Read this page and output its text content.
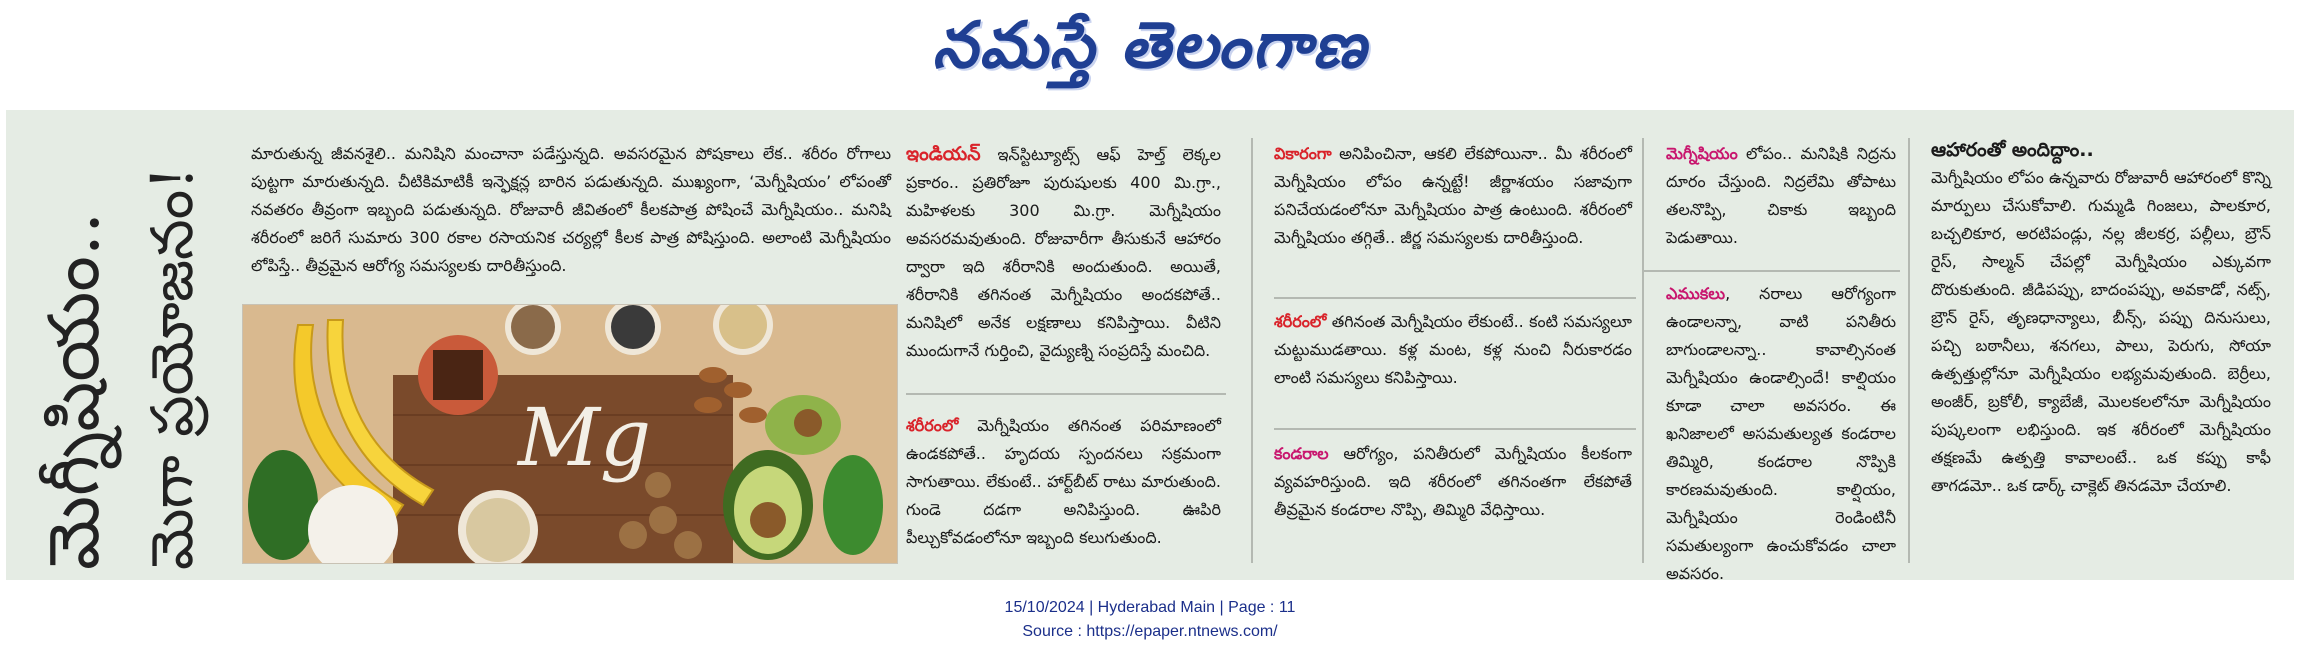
నమస్తే తెలంగాణ
మెగ్నీషియం.. మెగా ప్రయోజనం!
మారుతున్న జీవనశైలి.. మనిషిని మంచానా పడేస్తున్నది. అవసరమైన పోషకాలు లేక.. శరీరం రోగాలు పుట్టగా మారుతున్నది. చీటికిమాటికీ ఇన్ఫెక్షన్ల బారిన పడుతున్నది. ముఖ్యంగా, ‘మెగ్నీషియం’ లోపంతో నవతరం తీవ్రంగా ఇబ్బంది పడుతున్నది. రోజువారీ జీవితంలో కీలకపాత్ర పోషించే మెగ్నీషియం.. మనిషి శరీరంలో జరిగే సుమారు 300 రకాల రసాయనిక చర్యల్లో కీలక పాత్ర పోషిస్తుంది. అలాంటి మెగ్నీషియం లోపిస్తే.. తీవ్రమైన ఆరోగ్య సమస్యలకు దారితీస్తుంది.
Mg
ఇండియన్ ఇన్‌స్టిట్యూట్స్ ఆఫ్ హెల్త్ లెక్కల ప్రకారం.. ప్రతిరోజూ పురుషులకు 400 మి.గ్రా., మహిళలకు 300 మి.గ్రా. మెగ్నీషియం అవసరమవుతుంది. రోజువారీగా తీసుకునే ఆహారం ద్వారా ఇది శరీరానికి అందుతుంది. అయితే, శరీరానికి తగినంత మెగ్నీషియం అందకపోతే.. మనిషిలో అనేక లక్షణాలు కనిపిస్తాయి. వీటిని ముందుగానే గుర్తించి, వైద్యుణ్ని సంప్రదిస్తే మంచిది.
శరీరంలో మెగ్నీషియం తగినంత పరిమాణంలో ఉండకపోతే.. హృదయ స్పందనలు సక్రమంగా సాగుతాయి. లేకుంటే.. హార్ట్‌బీట్ రాటు మారుతుంది. గుండె దడగా అనిపిస్తుంది. ఊపిరి పీల్చుకోవడంలోనూ ఇబ్బంది కలుగుతుంది.
వికారంగా అనిపించినా, ఆకలి లేకపోయినా.. మీ శరీరంలో మెగ్నీషియం లోపం ఉన్నట్టే! జీర్ణాశయం సజావుగా పనిచేయడంలోనూ మెగ్నీషియం పాత్ర ఉంటుంది. శరీరంలో మెగ్నీషియం తగ్గితే.. జీర్ణ సమస్యలకు దారితీస్తుంది.
శరీరంలో తగినంత మెగ్నీషియం లేకుంటే.. కంటి సమస్యలూ చుట్టుముడతాయి. కళ్ల మంట, కళ్ల నుంచి నీరుకారడం లాంటి సమస్యలు కనిపిస్తాయి.
కండరాల ఆరోగ్యం, పనితీరులో మెగ్నీషియం కీలకంగా వ్యవహరిస్తుంది. ఇది శరీరంలో తగినంతగా లేకపోతే తీవ్రమైన కండరాల నొప్పి, తిమ్మిరి వేధిస్తాయి.
మెగ్నీషియం లోపం.. మనిషికి నిద్రను దూరం చేస్తుంది. నిద్రలేమి తోపాటు తలనొప్పి, చికాకు ఇబ్బంది పెడుతాయి.
ఎముకలు, నరాలు ఆరోగ్యంగా ఉండాలన్నా, వాటి పనితీరు బాగుండాలన్నా.. కావాల్సినంత మెగ్నీషియం ఉండాల్సిందే! కాల్షియం కూడా చాలా అవసరం. ఈ ఖనిజాలలో అసమతుల్యత కండరాల తిమ్మిరి, కండరాల నొప్పికి కారణమవుతుంది. కాల్షియం, మెగ్నీషియం రెండింటినీ సమతుల్యంగా ఉంచుకోవడం చాలా అవసరం.
ఆహారంతో అందిద్దాం..
మెగ్నీషియం లోపం ఉన్నవారు రోజువారీ ఆహారంలో కొన్ని మార్పులు చేసుకోవాలి. గుమ్మడి గింజలు, పాలకూర, బచ్చలికూర, అరటిపండ్లు, నల్ల జీలకర్ర, పల్లీలు, బ్రౌన్ రైస్, సాల్మన్ చేపల్లో మెగ్నీషియం ఎక్కువగా దొరుకుతుంది. జీడిపప్పు, బాదంపప్పు, అవకాడో, నట్స్, బ్రౌన్ రైస్, తృణధాన్యాలు, బీన్స్, పప్పు దినుసులు, పచ్చి బఠానీలు, శనగలు, పాలు, పెరుగు, సోయా ఉత్పత్తుల్లోనూ మెగ్నీషియం లభ్యమవుతుంది. బెర్రీలు, అంజీర్, బ్రకోలీ, క్యాబేజీ, మొలకలలోనూ మెగ్నీషియం పుష్కలంగా లభిస్తుంది. ఇక శరీరంలో మెగ్నీషియం తక్షణమే ఉత్పత్తి కావాలంటే.. ఒక కప్పు కాఫీ తాగడమో.. ఒక డార్క్ చాక్లెట్ తినడమో చేయాలి.
15/10/2024 | Hyderabad Main | Page : 11
Source : https://epaper.ntnews.com/
